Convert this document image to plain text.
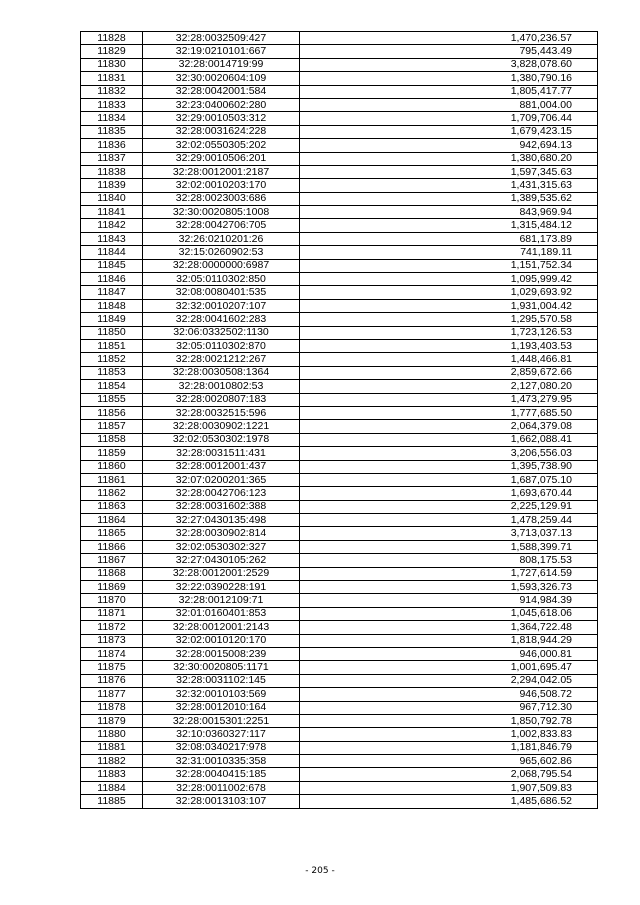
11828	32:28:0032509:427	1,470,236.57
11829	32:19:0210101:667	795,443.49
11830	32:28:0014719:99	3,828,078.60
11831	32:30:0020604:109	1,380,790.16
11832	32:28:0042001:584	1,805,417.77
11833	32:23:0400602:280	881,004.00
11834	32:29:0010503:312	1,709,706.44
11835	32:28:0031624:228	1,679,423.15
11836	32:02:0550305:202	942,694.13
11837	32:29:0010506:201	1,380,680.20
11838	32:28:0012001:2187	1,597,345.63
11839	32:02:0010203:170	1,431,315.63
11840	32:28:0023003:686	1,389,535.62
11841	32:30:0020805:1008	843,969.94
11842	32:28:0042706:705	1,315,484.12
11843	32:26:0210201:26	681,173.89
11844	32:15:0260902:53	741,189.11
11845	32:28:0000000:6987	1,151,752.34
11846	32:05:0110302:850	1,095,999.42
11847	32:08:0080401:535	1,029,693.92
11848	32:32:0010207:107	1,931,004.42
11849	32:28:0041602:283	1,295,570.58
11850	32:06:0332502:1130	1,723,126.53
11851	32:05:0110302:870	1,193,403.53
11852	32:28:0021212:267	1,448,466.81
11853	32:28:0030508:1364	2,859,672.66
11854	32:28:0010802:53	2,127,080.20
11855	32:28:0020807:183	1,473,279.95
11856	32:28:0032515:596	1,777,685.50
11857	32:28:0030902:1221	2,064,379.08
11858	32:02:0530302:1978	1,662,088.41
11859	32:28:0031511:431	3,206,556.03
11860	32:28:0012001:437	1,395,738.90
11861	32:07:0200201:365	1,687,075.10
11862	32:28:0042706:123	1,693,670.44
11863	32:28:0031602:388	2,225,129.91
11864	32:27:0430135:498	1,478,259.44
11865	32:28:0030902:814	3,713,037.13
11866	32:02:0530302:327	1,588,399.71
11867	32:27:0430105:262	808,175.53
11868	32:28:0012001:2529	1,727,614.59
11869	32:22:0390228:191	1,593,326.73
11870	32:28:0012109:71	914,984.39
11871	32:01:0160401:853	1,045,618.06
11872	32:28:0012001:2143	1,364,722.48
11873	32:02:0010120:170	1,818,944.29
11874	32:28:0015008:239	946,000.81
11875	32:30:0020805:1171	1,001,695.47
11876	32:28:0031102:145	2,294,042.05
11877	32:32:0010103:569	946,508.72
11878	32:28:0012010:164	967,712.30
11879	32:28:0015301:2251	1,850,792.78
11880	32:10:0360327:117	1,002,833.83
11881	32:08:0340217:978	1,181,846.79
11882	32:31:0010335:358	965,602.86
11883	32:28:0040415:185	2,068,795.54
11884	32:28:0011002:678	1,907,509.83
11885	32:28:0013103:107	1,485,686.52
- 205 -
